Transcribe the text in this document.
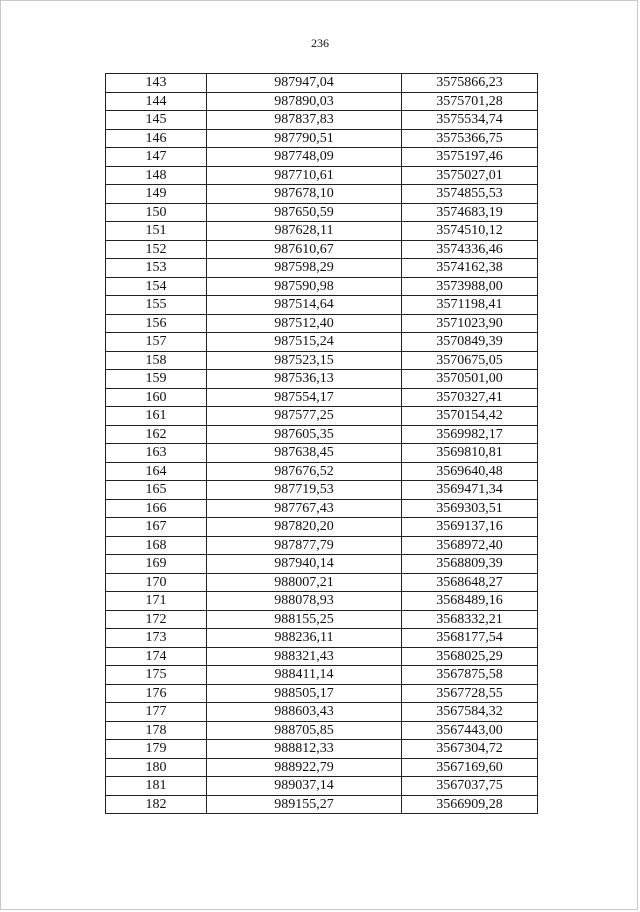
236
143	987947,04	3575866,23
144	987890,03	3575701,28
145	987837,83	3575534,74
146	987790,51	3575366,75
147	987748,09	3575197,46
148	987710,61	3575027,01
149	987678,10	3574855,53
150	987650,59	3574683,19
151	987628,11	3574510,12
152	987610,67	3574336,46
153	987598,29	3574162,38
154	987590,98	3573988,00
155	987514,64	3571198,41
156	987512,40	3571023,90
157	987515,24	3570849,39
158	987523,15	3570675,05
159	987536,13	3570501,00
160	987554,17	3570327,41
161	987577,25	3570154,42
162	987605,35	3569982,17
163	987638,45	3569810,81
164	987676,52	3569640,48
165	987719,53	3569471,34
166	987767,43	3569303,51
167	987820,20	3569137,16
168	987877,79	3568972,40
169	987940,14	3568809,39
170	988007,21	3568648,27
171	988078,93	3568489,16
172	988155,25	3568332,21
173	988236,11	3568177,54
174	988321,43	3568025,29
175	988411,14	3567875,58
176	988505,17	3567728,55
177	988603,43	3567584,32
178	988705,85	3567443,00
179	988812,33	3567304,72
180	988922,79	3567169,60
181	989037,14	3567037,75
182	989155,27	3566909,28
